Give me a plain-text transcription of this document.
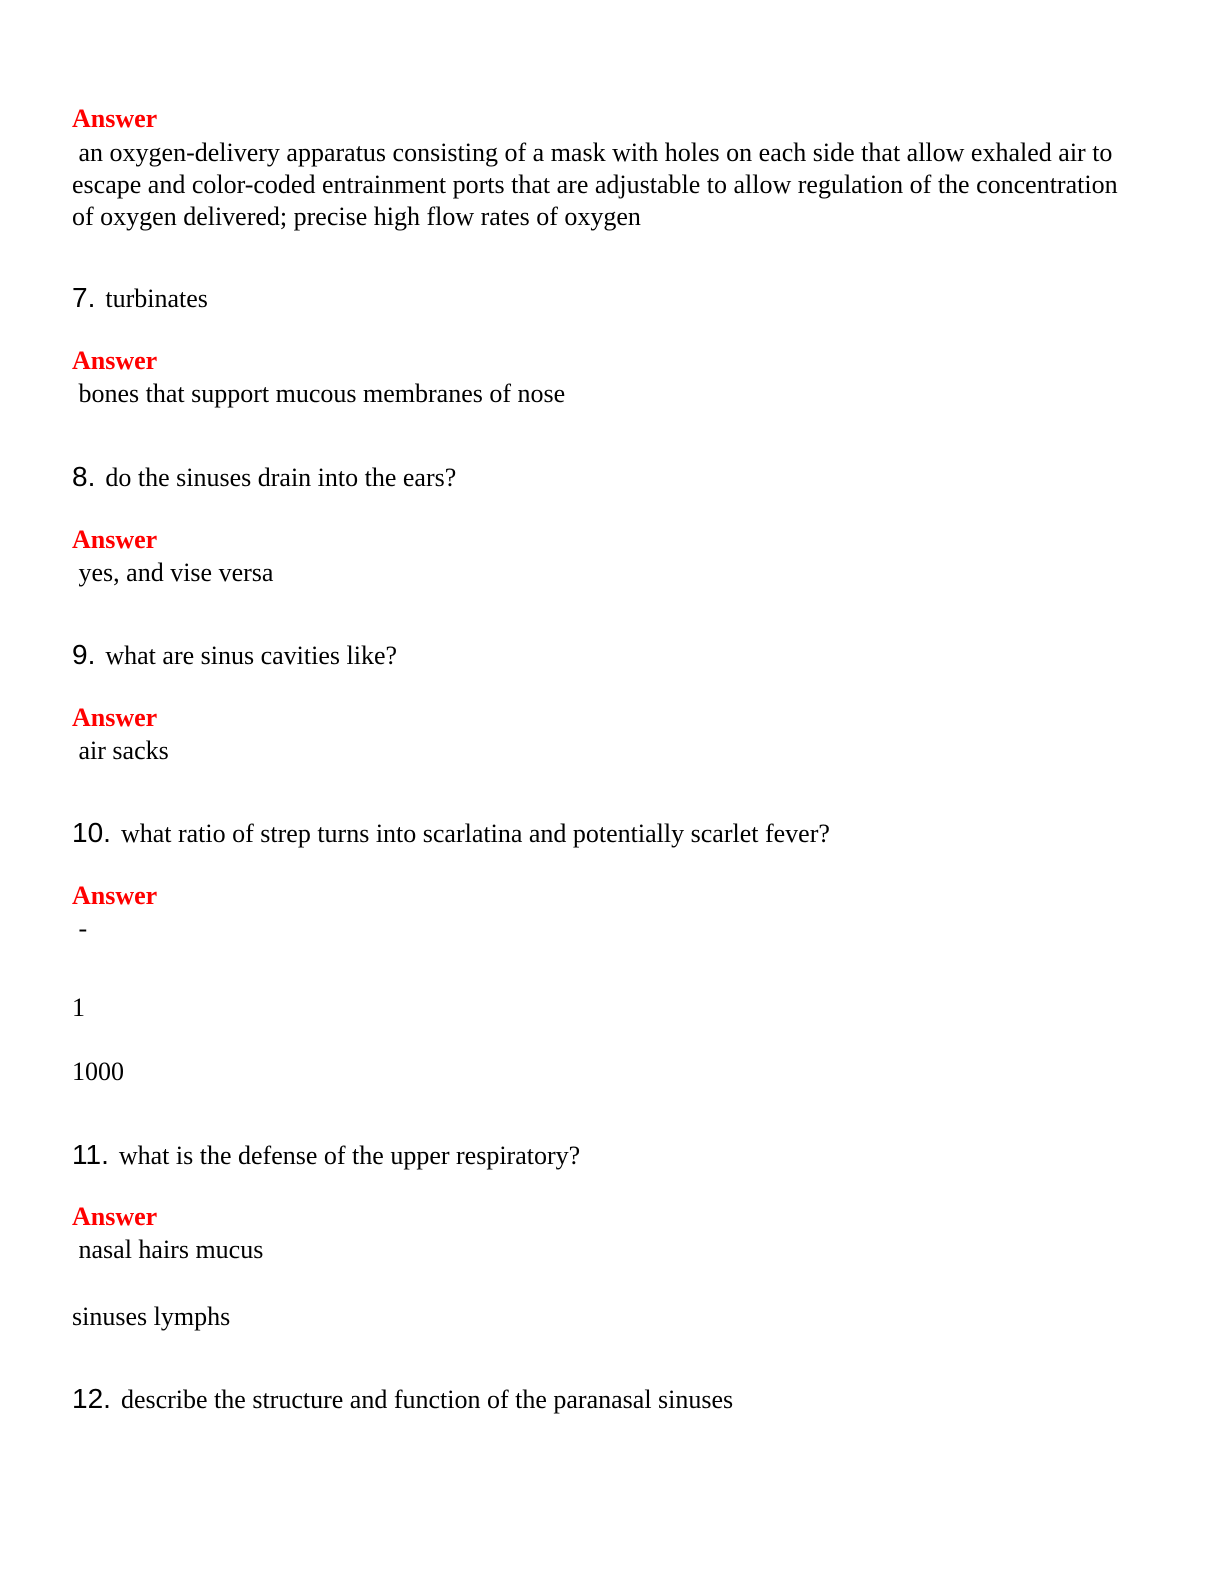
Answer
an oxygen-delivery apparatus consisting of a mask with holes on each side that allow exhaled air to escape and color-coded entrainment ports that are adjustable to allow regulation of the concentration of oxygen delivered; precise high flow rates of oxygen
7. turbinates
Answer
bones that support mucous membranes of nose
8. do the sinuses drain into the ears?
Answer
yes, and vise versa
9. what are sinus cavities like?
Answer
air sacks
10. what ratio of strep turns into scarlatina and potentially scarlet fever?
Answer
-
1
1000
11. what is the defense of the upper respiratory?
Answer
nasal hairs mucus
sinuses lymphs
12. describe the structure and function of the paranasal sinuses
